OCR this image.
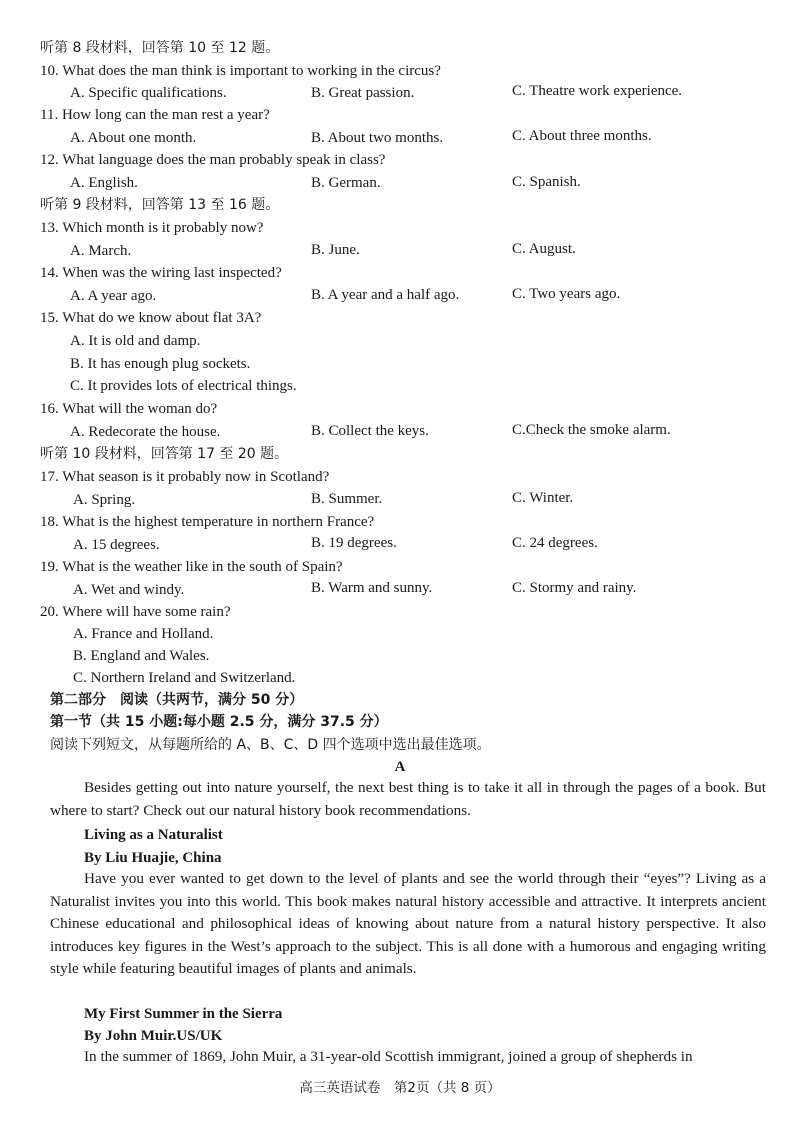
听第 8 段材料，回答第 10 至 12 题。
10. What does the man think is important to working in the circus?
A. Specific qualifications.	B. Great passion.	C. Theatre work experience.
11. How long can the man rest a year?
A. About one month.	B. About two months.	C. About three months.
12. What language does the man probably speak in class?
A. English.	B. German.	C. Spanish.
听第 9 段材料，回答第 13 至 16 题。
13. Which month is it probably now?
A. March.	B. June.	C. August.
14. When was the wiring last inspected?
A. A year ago.	B. A year and a half ago.	C. Two years ago.
15. What do we know about flat 3A?
A. It is old and damp.
B. It has enough plug sockets.
C. It provides lots of electrical things.
16. What will the woman do?
A. Redecorate the house.	B. Collect the keys.	C.Check the smoke alarm.
听第 10 段材料，回答第 17 至 20 题。
17. What season is it probably now in Scotland?
A. Spring.	B. Summer.	C. Winter.
18. What is the highest temperature in northern France?
A. 15 degrees.	B. 19 degrees.	C. 24 degrees.
19. What is the weather like in the south of Spain?
A. Wet and windy.	B. Warm and sunny.	C. Stormy and rainy.
20. Where will have some rain?
A. France and Holland.
B. England and Wales.
C. Northern Ireland and Switzerland.
第二部分　阅读（共两节，满分 50 分）
第一节（共 15 小题:每小题 2.5 分，满分 37.5 分）
阅读下列短文，从每题所给的 A、B、C、D 四个选项中选出最佳选项。
A
Besides getting out into nature yourself, the next best thing is to take it all in through the pages of a book. But where to start? Check out our natural history book recommendations.
Living as a Naturalist
By Liu Huajie, China
Have you ever wanted to get down to the level of plants and see the world through their “eyes”? Living as a Naturalist invites you into this world. This book makes natural history accessible and attractive. It interprets ancient Chinese educational and philosophical ideas of knowing about nature from a natural history perspective. It also introduces key figures in the West’s approach to the subject. This is all done with a humorous and engaging writing style while featuring beautiful images of plants and animals.
My First Summer in the Sierra
By John Muir.US/UK
In the summer of 1869, John Muir, a 31-year-old Scottish immigrant, joined a group of shepherds in
高三英语试卷　第2页（共 8 页）
